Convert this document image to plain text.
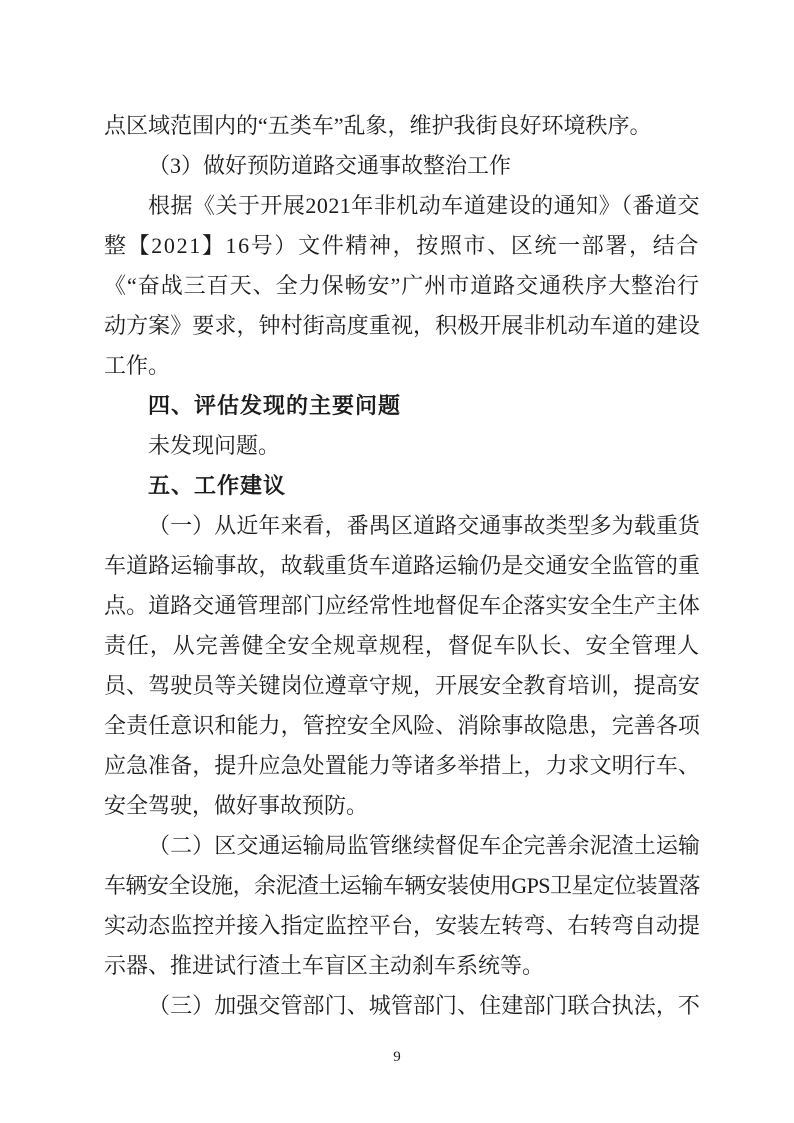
点区域范围内的“五类车”乱象，维护我街良好环境秩序。
（3）做好预防道路交通事故整治工作
根据《关于开展2021年非机动车道建设的通知》（番道交
整【2021】16号）文件精神，按照市、区统一部署，结合
《“奋战三百天、全力保畅安”广州市道路交通秩序大整治行
动方案》要求，钟村街高度重视，积极开展非机动车道的建设
工作。
四、评估发现的主要问题
未发现问题。
五、工作建议
（一）从近年来看，番禺区道路交通事故类型多为载重货
车道路运输事故，故载重货车道路运输仍是交通安全监管的重
点。道路交通管理部门应经常性地督促车企落实安全生产主体
责任，从完善健全安全规章规程，督促车队长、安全管理人
员、驾驶员等关键岗位遵章守规，开展安全教育培训，提高安
全责任意识和能力，管控安全风险、消除事故隐患，完善各项
应急准备，提升应急处置能力等诸多举措上，力求文明行车、
安全驾驶，做好事故预防。
（二）区交通运输局监管继续督促车企完善余泥渣土运输
车辆安全设施，余泥渣土运输车辆安装使用GPS卫星定位装置落
实动态监控并接入指定监控平台，安装左转弯、右转弯自动提
示器、推进试行渣土车盲区主动刹车系统等。
（三）加强交管部门、城管部门、住建部门联合执法，不
9
